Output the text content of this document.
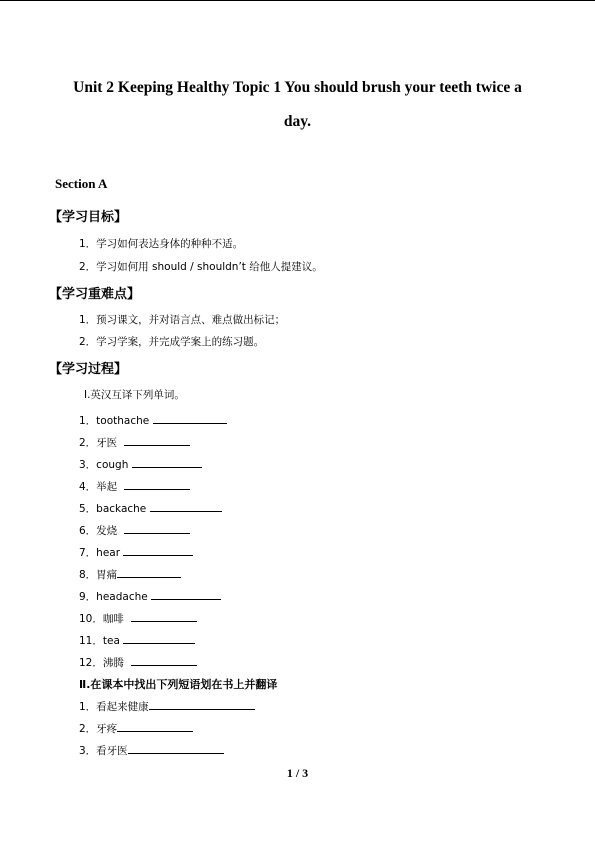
Unit 2 Keeping Healthy Topic 1 You should brush your teeth twice a
day.
Section A
【学习目标】
1．学习如何表达身体的种种不适。
2．学习如何用 should / shouldn’t 给他人提建议。
【学习重难点】
1．预习课文，并对语言点、难点做出标记；
2．学习学案，并完成学案上的练习题。
【学习过程】
Ⅰ.英汉互译下列单词。
1．toothache
2．牙医
3．cough
4．举起
5．backache
6．发烧
7．hear
8．胃痛
9．headache
10．咖啡
11．tea
12．沸腾
Ⅱ.在课本中找出下列短语划在书上并翻译
1．看起来健康
2．牙疼
3．看牙医
1 / 3
